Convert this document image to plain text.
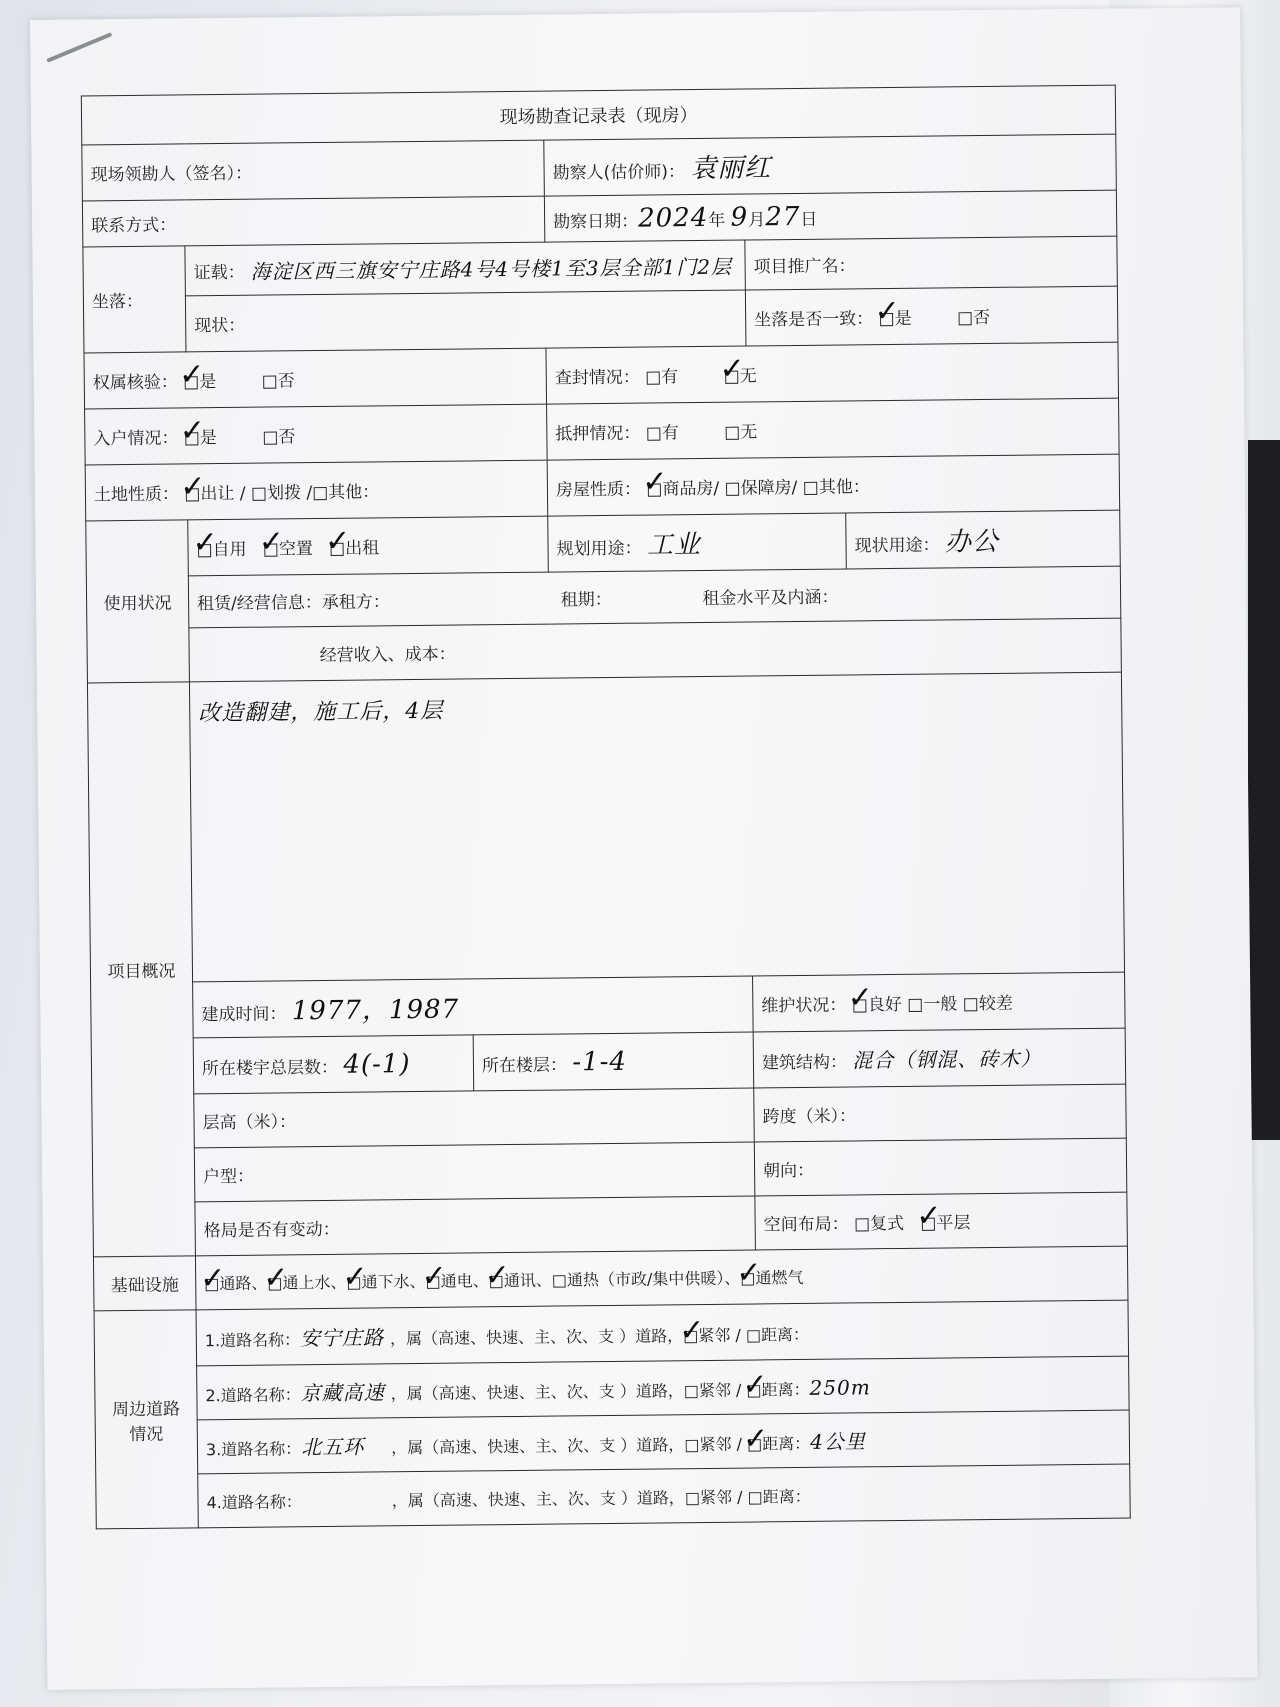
现场勘查记录表（现房）					
现场领勘人（签名）：			勘察人(估价师)： 袁丽红		
联系方式：			勘察日期：2024年 9月27日		
坐落：	证载： 海淀区西三旗安宁庄路4号4号楼1至3层全部1门2层			项目推广名：	
	现状：			坐落是否一致： □是 ✓ □否
权属核验： □是 ✓ □否			查封情况： □有 □无 ✓
入户情况： □是 ✓ □否			抵押情况： □有 □无		
土地性质： □出让 ✓ / □划拨 /□其他：			房屋性质： □商品房/ ✓ □保障房/ □其他：
使用状况	□自用 ✓ □空置 ✓ □出租 ✓		规划用途： 工业		现状用途： 办公
	租赁/经营信息：承租方： 租期： 租金水平及内涵：				
	经营收入、成本：				
项目概况	改造翻建，施工后，4层				
	建成时间： 1977，1987			维护状况： □良好 ✓ □一般 □较差
	所在楼宇总层数： 4(-1)	所在楼层： -1-4		建筑结构： 混合（钢混、砖木）	
	层高（米）：			跨度（米）：	
	户型：			朝向：	
	格局是否有变动：			空间布局： □复式 □平层 ✓
基础设施	□通路、 ✓□通上水、 ✓□通下水、 ✓□通电、 ✓□通讯、 ✓□通热（市政/集中供暖）、□通燃气 ✓

周边道路
情况	1.道路名称：安宁庄路 ，属（高速、快速、主、次、支 ）道路，□紧邻 ✓ / □距离：
	2.道路名称：京藏高速 ，属（高速、快速、主、次、支 ）道路，□紧邻 / □距离： ✓250m
	3.道路名称：北五环 ，属（高速、快速、主、次、支 ）道路，□紧邻 / □距离： ✓4公里
	4.道路名称： ，属（高速、快速、主、次、支 ）道路，□紧邻 / □距离：				
